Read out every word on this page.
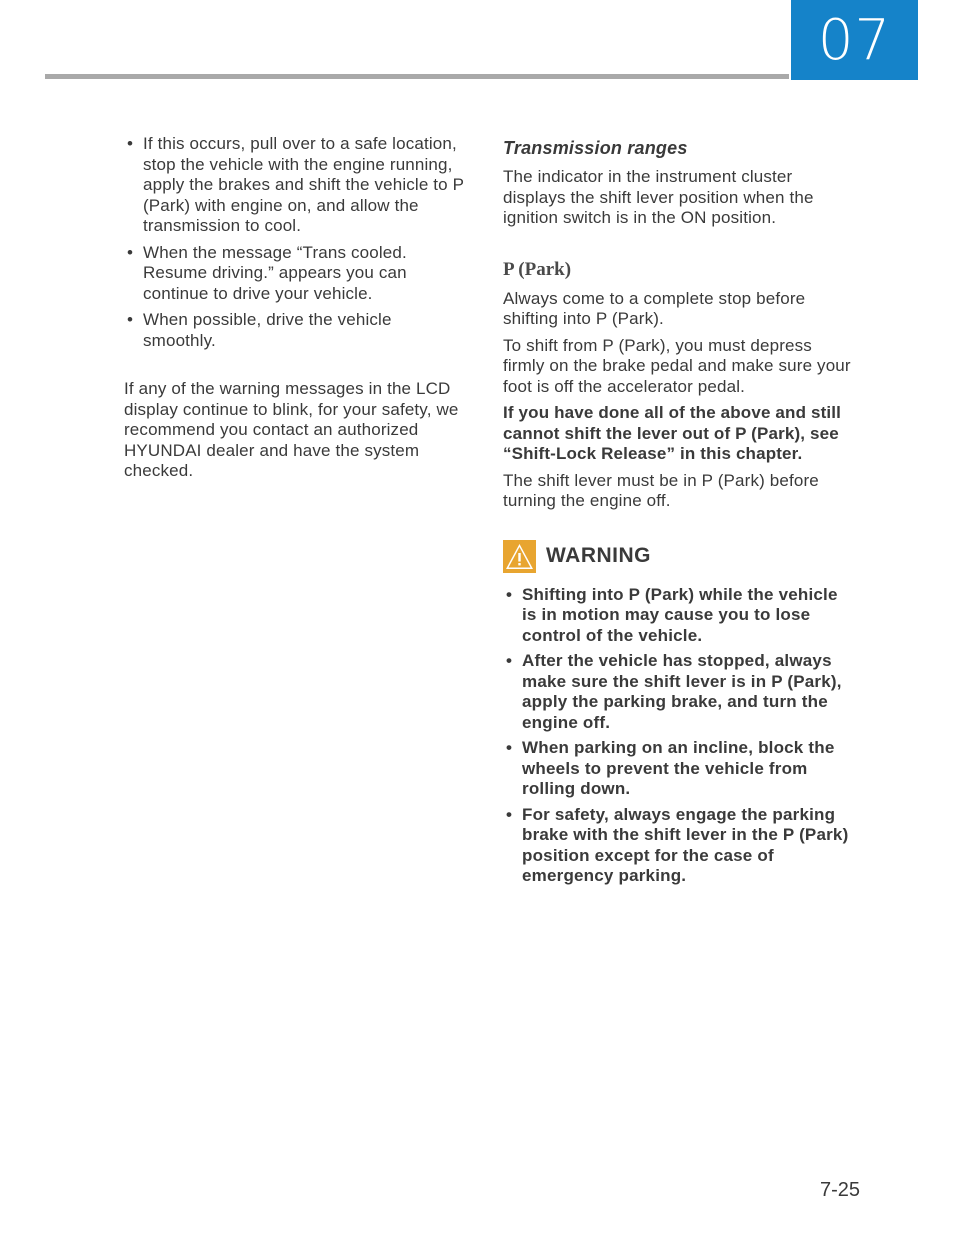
07
• If this occurs, pull over to a safe location, stop the vehicle with the engine running, apply the brakes and shift the vehicle to P (Park) with engine on, and allow the transmission to cool.
• When the message “Trans cooled. Resume driving.” appears you can continue to drive your vehicle.
• When possible, drive the vehicle smoothly.

If any of the warning messages in the LCD display continue to blink, for your safety, we recommend you contact an authorized HYUNDAI dealer and have the system checked.

Transmission ranges

The indicator in the instrument cluster displays the shift lever position when the ignition switch is in the ON position.

P (Park)

Always come to a complete stop before shifting into P (Park).

To shift from P (Park), you must depress firmly on the brake pedal and make sure your foot is off the accelerator pedal.

If you have done all of the above and still cannot shift the lever out of P (Park), see “Shift-Lock Release” in this chapter.

The shift lever must be in P (Park) before turning the engine off.

WARNING
• Shifting into P (Park) while the vehicle is in motion may cause you to lose control of the vehicle.
• After the vehicle has stopped, always make sure the shift lever is in P (Park), apply the parking brake, and turn the engine off.
• When parking on an incline, block the wheels to prevent the vehicle from rolling down.
• For safety, always engage the parking brake with the shift lever in the P (Park) position except for the case of emergency parking.
7-25
